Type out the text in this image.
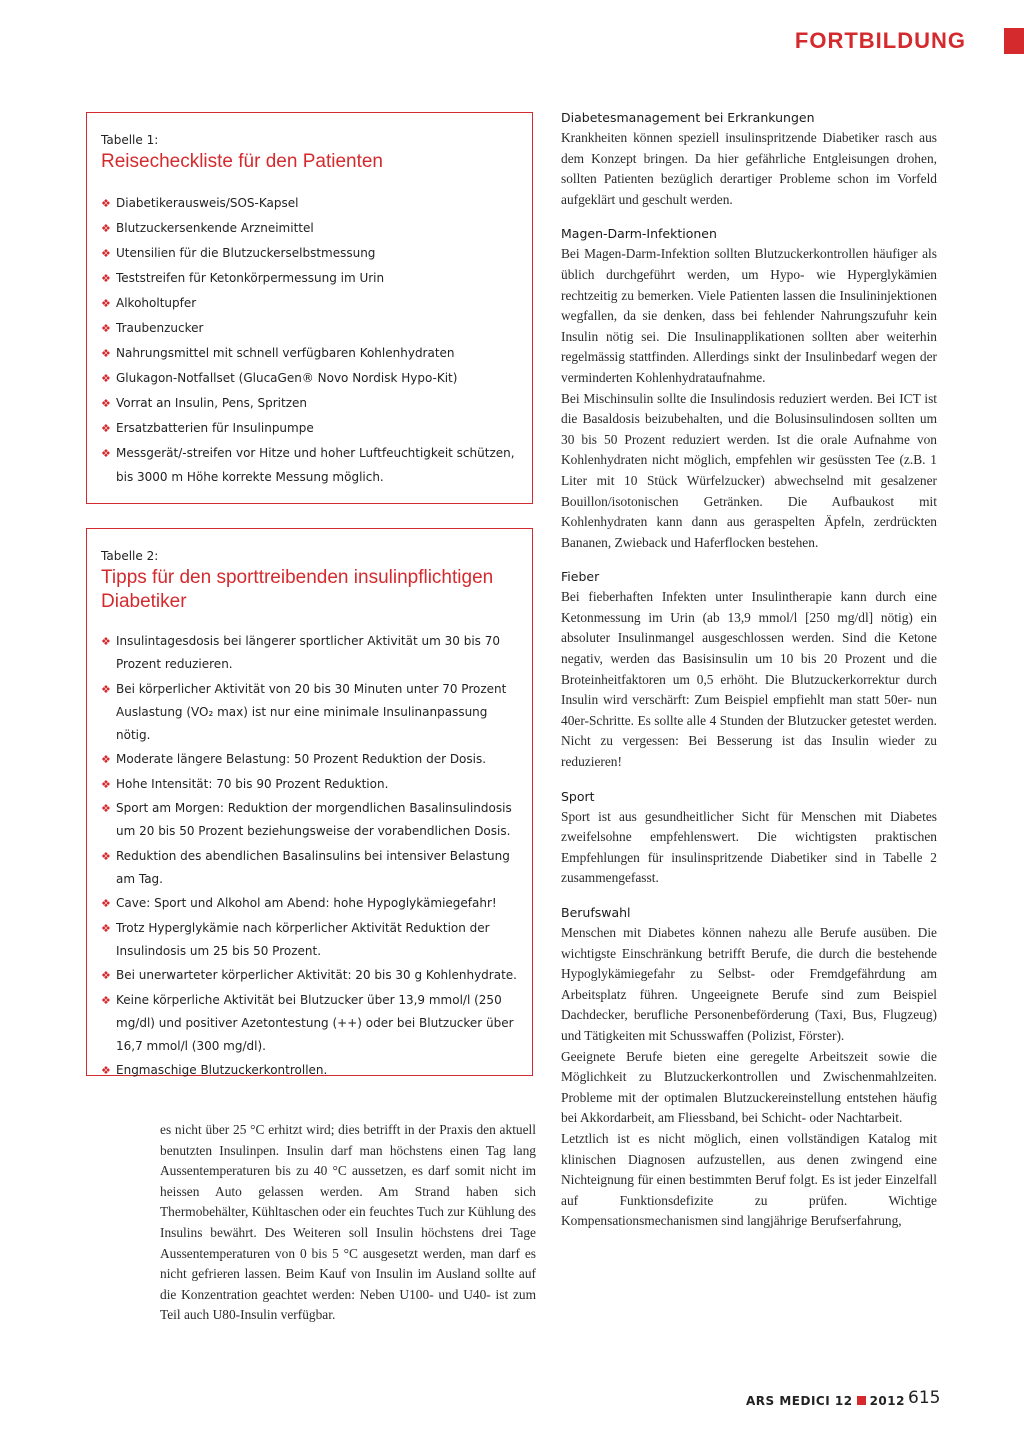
FORTBILDUNG
Tabelle 1:
Reisecheckliste für den Patienten
❖ Diabetikerausweis/SOS-Kapsel
❖ Blutzuckersenkende Arzneimittel
❖ Utensilien für die Blutzuckerselbstmessung
❖ Teststreifen für Ketonkörpermessung im Urin
❖ Alkoholtupfer
❖ Traubenzucker
❖ Nahrungsmittel mit schnell verfügbaren Kohlenhydraten
❖ Glukagon-Notfallset (GlucaGen® Novo Nordisk Hypo-Kit)
❖ Vorrat an Insulin, Pens, Spritzen
❖ Ersatzbatterien für Insulinpumpe
❖ Messgerät/-streifen vor Hitze und hoher Luftfeuchtigkeit schützen, bis 3000 m Höhe korrekte Messung möglich.
Tabelle 2:
Tipps für den sporttreibenden insulinpflichtigen Diabetiker
❖ Insulintagesdosis bei längerer sportlicher Aktivität um 30 bis 70 Prozent reduzieren.
❖ Bei körperlicher Aktivität von 20 bis 30 Minuten unter 70 Prozent Auslastung (VO₂ max) ist nur eine minimale Insulinanpassung nötig.
❖ Moderate längere Belastung: 50 Prozent Reduktion der Dosis.
❖ Hohe Intensität: 70 bis 90 Prozent Reduktion.
❖ Sport am Morgen: Reduktion der morgendlichen Basalinsulindosis um 20 bis 50 Prozent beziehungsweise der vorabendlichen Dosis.
❖ Reduktion des abendlichen Basalinsulins bei intensiver Belastung am Tag.
❖ Cave: Sport und Alkohol am Abend: hohe Hypoglykämiegefahr!
❖ Trotz Hyperglykämie nach körperlicher Aktivität Reduktion der Insulindosis um 25 bis 50 Prozent.
❖ Bei unerwarteter körperlicher Aktivität: 20 bis 30 g Kohlenhydrate.
❖ Keine körperliche Aktivität bei Blutzucker über 13,9 mmol/l (250 mg/dl) und positiver Azetontestung (++) oder bei Blutzucker über 16,7 mmol/l (300 mg/dl).
❖ Engmaschige Blutzuckerkontrollen.

es nicht über 25 °C erhitzt wird; dies betrifft in der Praxis den aktuell benutzten Insulinpen. Insulin darf man höchstens einen Tag lang Aussentemperaturen bis zu 40 °C aussetzen, es darf somit nicht im heissen Auto gelassen werden. Am Strand haben sich Thermobehälter, Kühltaschen oder ein feuchtes Tuch zur Kühlung des Insulins bewährt. Des Weiteren soll Insulin höchstens drei Tage Aussentemperaturen von 0 bis 5 °C ausgesetzt werden, man darf es nicht gefrieren lassen. Beim Kauf von Insulin im Ausland sollte auf die Konzentration geachtet werden: Neben U100- und U40- ist zum Teil auch U80-Insulin verfügbar.

Diabetesmanagement bei Erkrankungen

Krankheiten können speziell insulinspritzende Diabetiker rasch aus dem Konzept bringen. Da hier gefährliche Entgleisungen drohen, sollten Patienten bezüglich derartiger Probleme schon im Vorfeld aufgeklärt und geschult werden.

Magen-Darm-Infektionen

Bei Magen-Darm-Infektion sollten Blutzuckerkontrollen häufiger als üblich durchgeführt werden, um Hypo- wie Hyperglykämien rechtzeitig zu bemerken. Viele Patienten lassen die Insulininjektionen wegfallen, da sie denken, dass bei fehlender Nahrungszufuhr kein Insulin nötig sei. Die Insulinapplikationen sollten aber weiterhin regelmässig stattfinden. Allerdings sinkt der Insulinbedarf wegen der verminderten Kohlenhydrataufnahme.

Bei Mischinsulin sollte die Insulindosis reduziert werden. Bei ICT ist die Basaldosis beizubehalten, und die Bolusinsulindosen sollten um 30 bis 50 Prozent reduziert werden. Ist die orale Aufnahme von Kohlenhydraten nicht möglich, empfehlen wir gesüssten Tee (z.B. 1 Liter mit 10 Stück Würfelzucker) abwechselnd mit gesalzener Bouillon/isotonischen Getränken. Die Aufbaukost mit Kohlenhydraten kann dann aus geraspelten Äpfeln, zerdrückten Bananen, Zwieback und Haferflocken bestehen.

Fieber

Bei fieberhaften Infekten unter Insulintherapie kann durch eine Ketonmessung im Urin (ab 13,9 mmol/l [250 mg/dl] nötig) ein absoluter Insulinmangel ausgeschlossen werden. Sind die Ketone negativ, werden das Basisinsulin um 10 bis 20 Prozent und die Broteinheitfaktoren um 0,5 erhöht. Die Blutzuckerkorrektur durch Insulin wird verschärft: Zum Beispiel empfiehlt man statt 50er- nun 40er-Schritte. Es sollte alle 4 Stunden der Blutzucker getestet werden. Nicht zu vergessen: Bei Besserung ist das Insulin wieder zu reduzieren!

Sport

Sport ist aus gesundheitlicher Sicht für Menschen mit Diabetes zweifelsohne empfehlenswert. Die wichtigsten praktischen Empfehlungen für insulinspritzende Diabetiker sind in Tabelle 2 zusammengefasst.

Berufswahl

Menschen mit Diabetes können nahezu alle Berufe ausüben. Die wichtigste Einschränkung betrifft Berufe, die durch die bestehende Hypoglykämiegefahr zu Selbst- oder Fremdgefährdung am Arbeitsplatz führen. Ungeeignete Berufe sind zum Beispiel Dachdecker, berufliche Personenbeförderung (Taxi, Bus, Flugzeug) und Tätigkeiten mit Schusswaffen (Polizist, Förster).

Geeignete Berufe bieten eine geregelte Arbeitszeit sowie die Möglichkeit zu Blutzuckerkontrollen und Zwischenmahlzeiten. Probleme mit der optimalen Blutzuckereinstellung entstehen häufig bei Akkordarbeit, am Fliessband, bei Schicht- oder Nachtarbeit.

Letztlich ist es nicht möglich, einen vollständigen Katalog mit klinischen Diagnosen aufzustellen, aus denen zwingend eine Nichteignung für einen bestimmten Beruf folgt. Es ist jeder Einzelfall auf Funktionsdefizite zu prüfen. Wichtige Kompensationsmechanismen sind langjährige Berufserfahrung,

ARS MEDICI 12 2012 615
